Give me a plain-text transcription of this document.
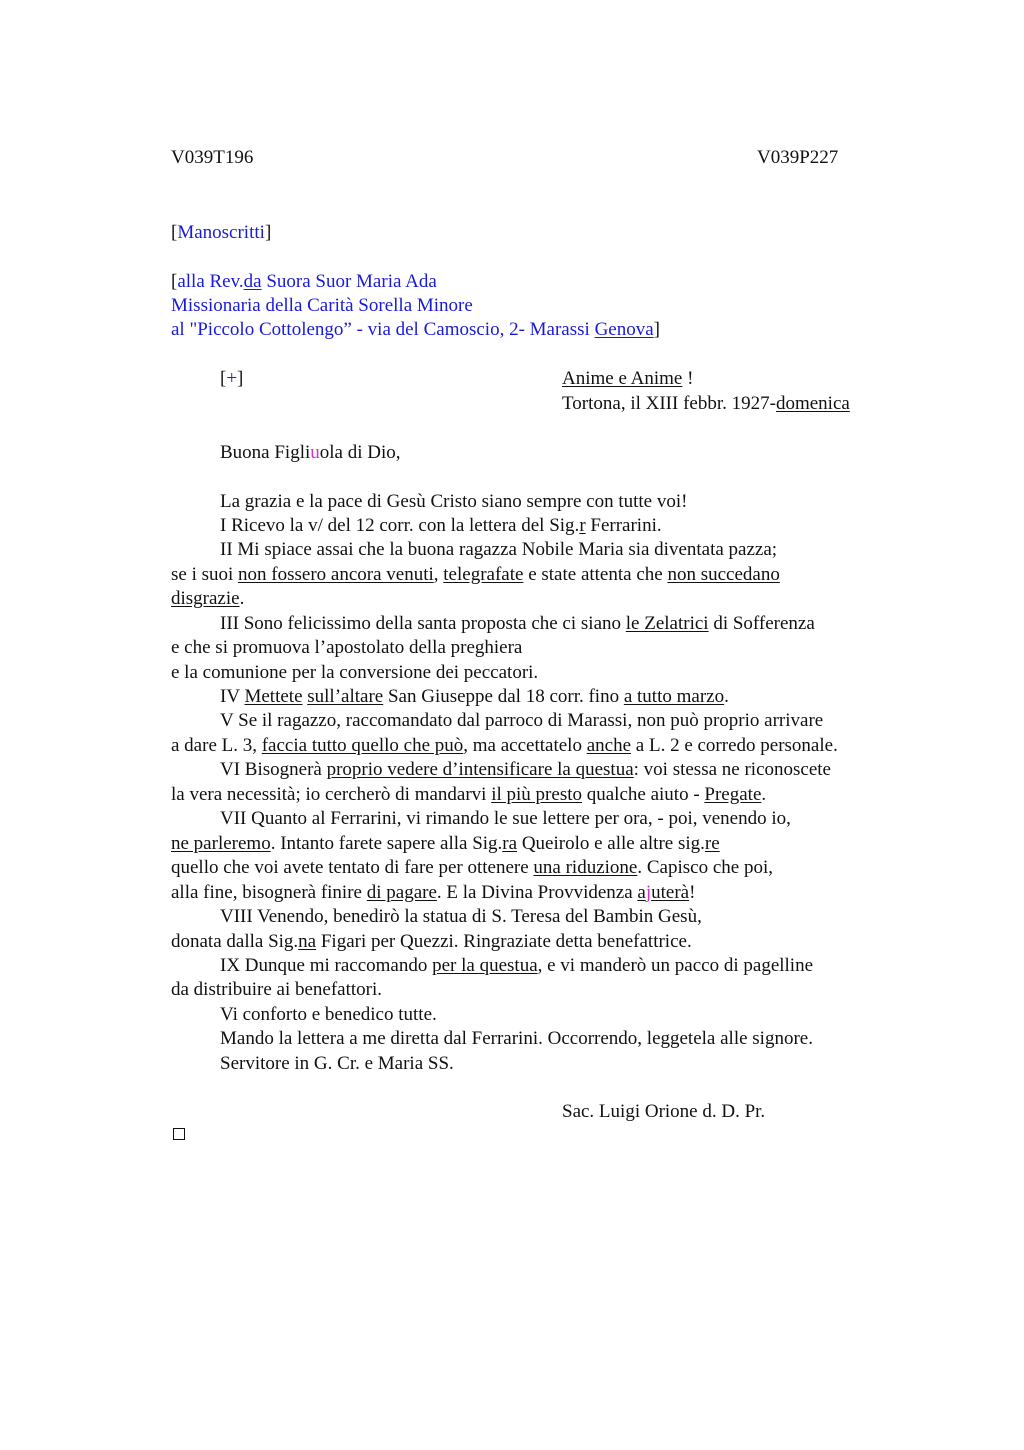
V039T196	V039P227
[Manoscritti]
[alla Rev.da Suora Suor Maria Ada
Missionaria della Carità Sorella Minore
al "Piccolo Cottolengo” - via del Camoscio, 2- Marassi Genova]
[+]	Anime e Anime !
Tortona, il XIII febbr. 1927-domenica
Buona Figliuola di Dio,
La grazia e la pace di Gesù Cristo siano sempre con tutte voi!
I Ricevo la v/ del 12 corr. con la lettera del Sig.r Ferrarini.
II Mi spiace assai che la buona ragazza Nobile Maria sia diventata pazza;
se i suoi non fossero ancora venuti, telegrafate e state attenta che non succedano
disgrazie.
III Sono felicissimo della santa proposta che ci siano le Zelatrici di Sofferenza
e che si promuova l’apostolato della preghiera
e la comunione per la conversione dei peccatori.
IV Mettete sull’altare San Giuseppe dal 18 corr. fino a tutto marzo.
V Se il ragazzo, raccomandato dal parroco di Marassi, non può proprio arrivare
a dare L. 3, faccia tutto quello che può, ma accettatelo anche a L. 2 e corredo personale.
VI Bisognerà proprio vedere d’intensificare la questua: voi stessa ne riconoscete
la vera necessità; io cercherò di mandarvi il più presto qualche aiuto - Pregate.
VII Quanto al Ferrarini, vi rimando le sue lettere per ora, - poi, venendo io,
ne parleremo. Intanto farete sapere alla Sig.ra Queirolo e alle altre sig.re
quello che voi avete tentato di fare per ottenere una riduzione. Capisco che poi,
alla fine, bisognerà finire di pagare. E la Divina Provvidenza ajuterà!
VIII Venendo, benedirò la statua di S. Teresa del Bambin Gesù,
donata dalla Sig.na Figari per Quezzi. Ringraziate detta benefattrice.
IX Dunque mi raccomando per la questua, e vi manderò un pacco di pagelline
da distribuire ai benefattori.
Vi conforto e benedico tutte.
Mando la lettera a me diretta dal Ferrarini. Occorrendo, leggetela alle signore.
Servitore in G. Cr. e Maria SS.
Sac. Luigi Orione d. D. Pr.
